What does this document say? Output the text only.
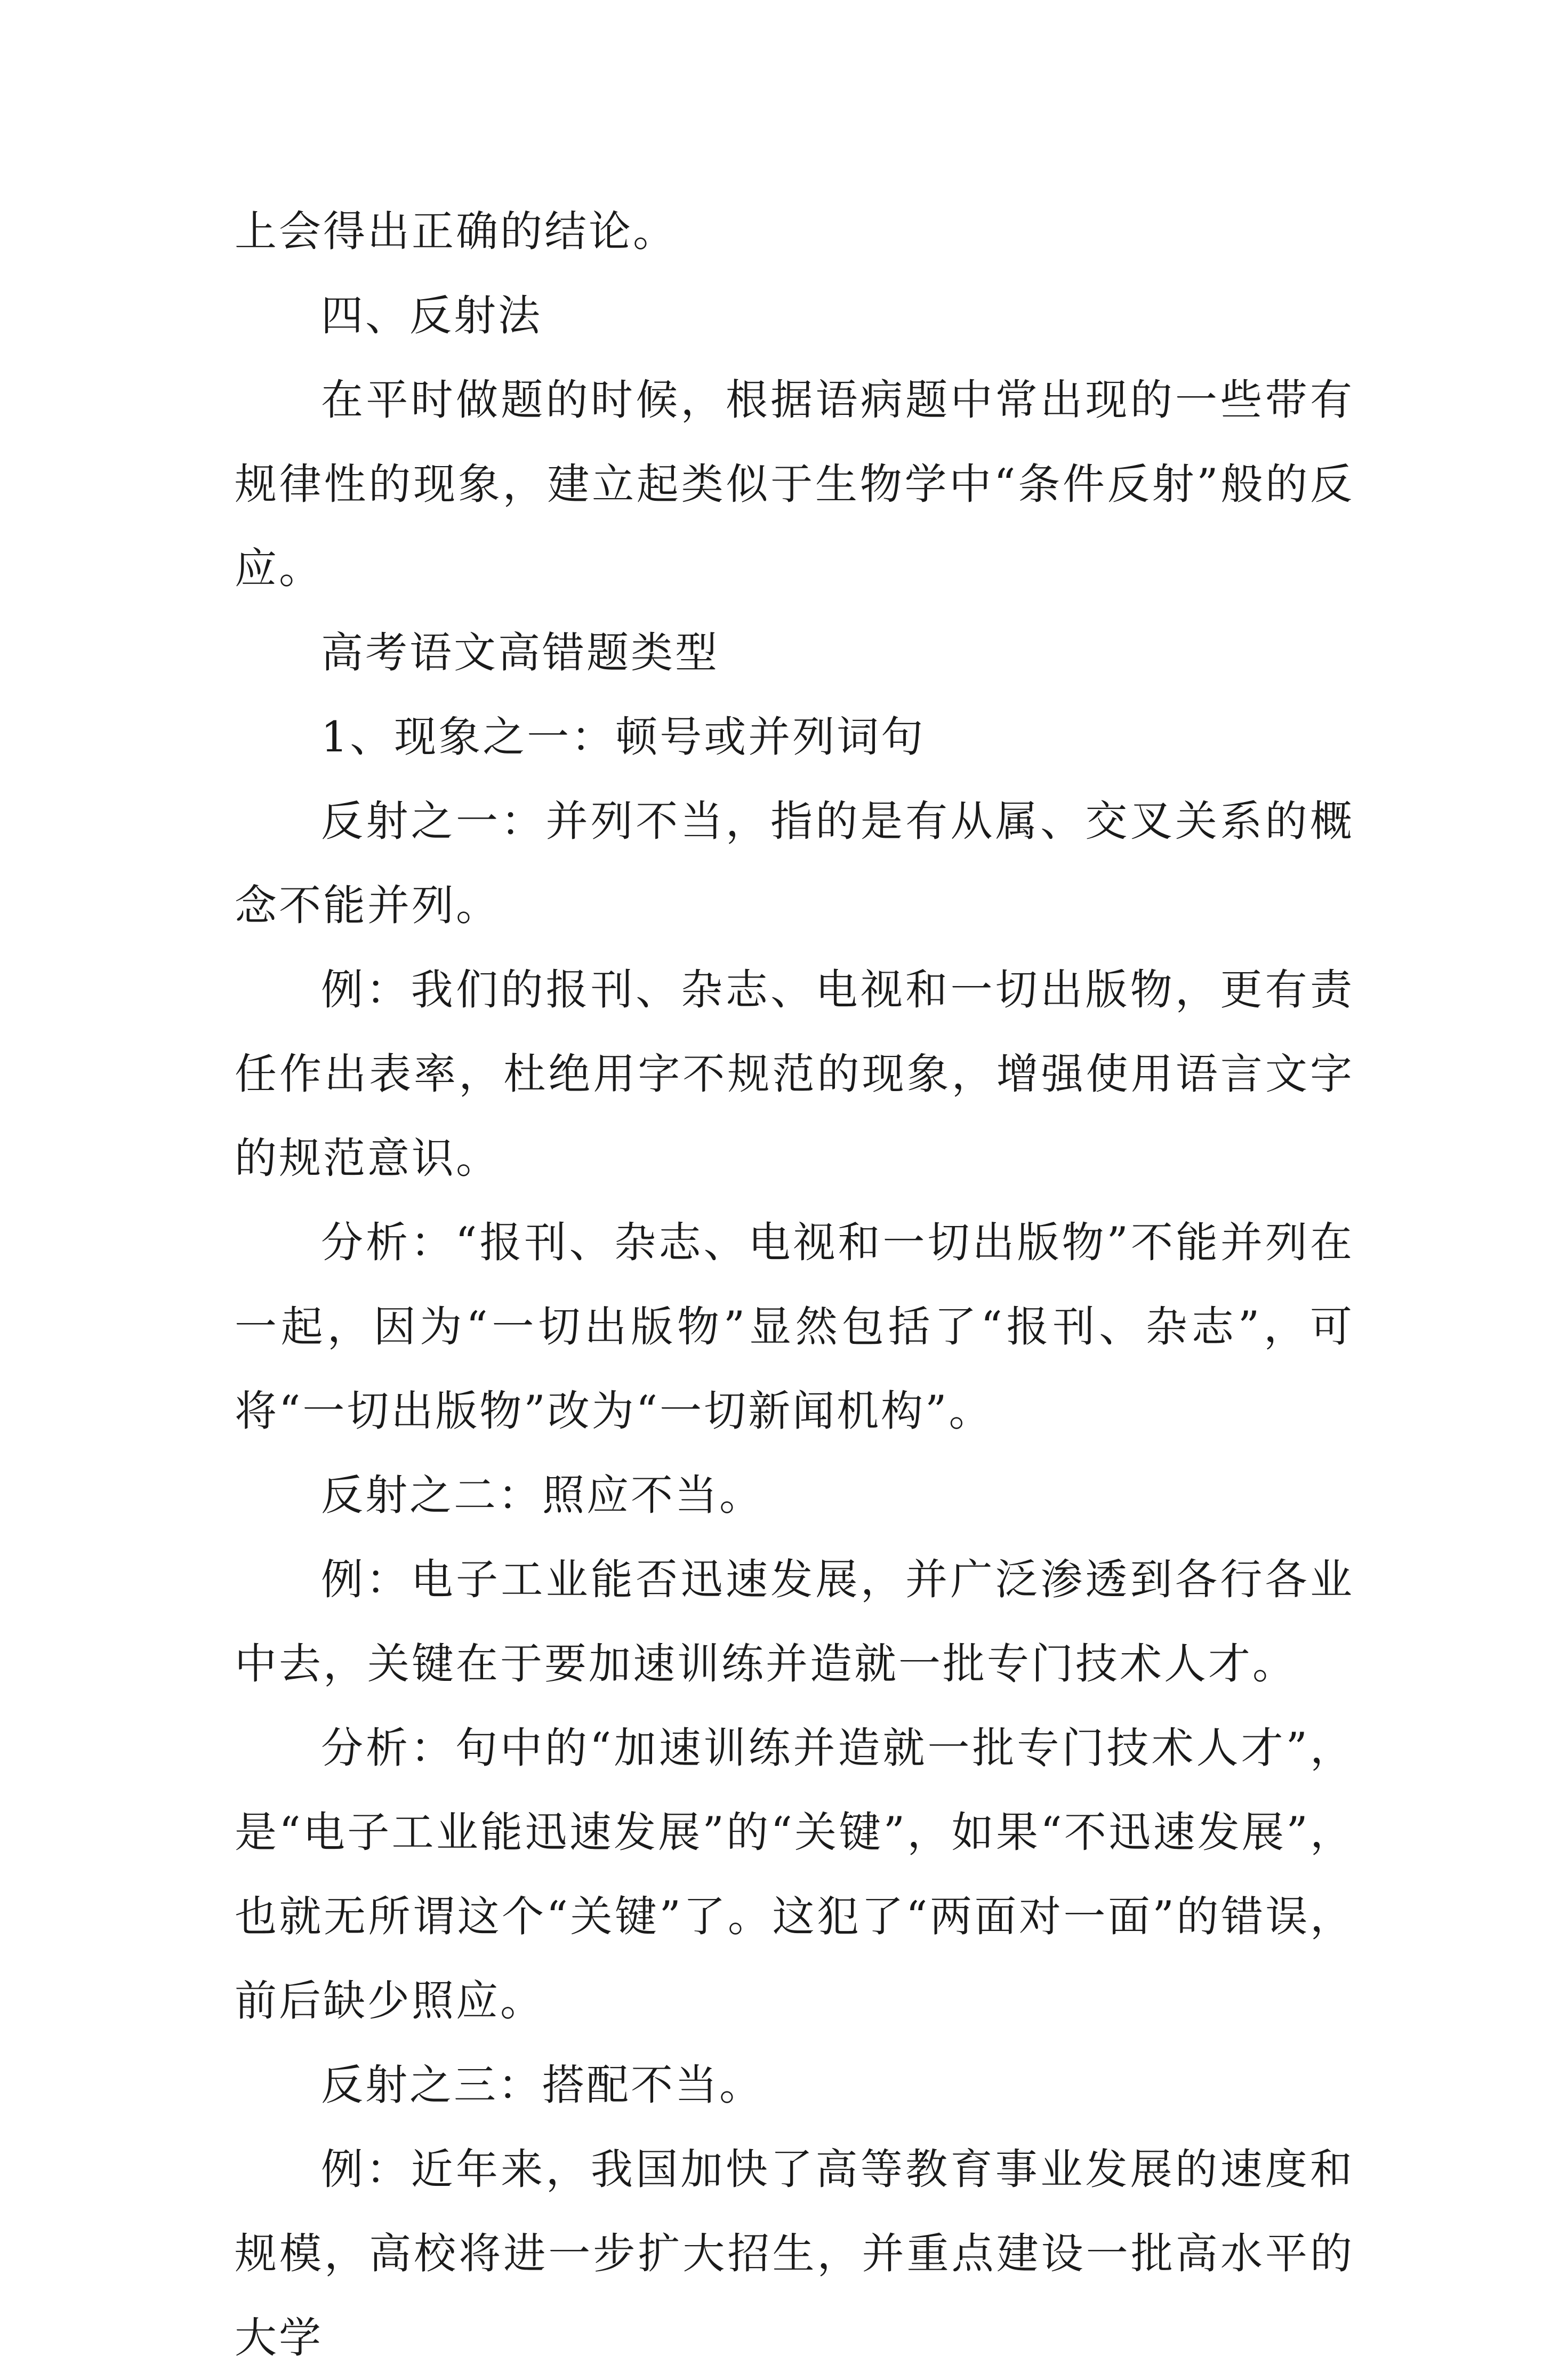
上会得出正确的结论。

四、反射法

在平时做题的时候，根据语病题中常出现的一些带有规律性的现象，建立起类似于生物学中“条件反射”般的反应。

高考语文高错题类型

1、现象之一：顿号或并列词句

反射之一：并列不当，指的是有从属、交叉关系的概念不能并列。

例：我们的报刊、杂志、电视和一切出版物，更有责任作出表率，杜绝用字不规范的现象，增强使用语言文字的规范意识。

分析：“报刊、杂志、电视和一切出版物”不能并列在一起，因为“一切出版物”显然包括了“报刊、杂志”，可将“一切出版物”改为“一切新闻机构”。

反射之二：照应不当。

例：电子工业能否迅速发展，并广泛渗透到各行各业中去，关键在于要加速训练并造就一批专门技术人才。

分析：句中的“加速训练并造就一批专门技术人才”，是“电子工业能迅速发展”的“关键”，如果“不迅速发展”，也就无所谓这个“关键”了。这犯了“两面对一面”的错误，前后缺少照应。

反射之三：搭配不当。

例：近年来，我国加快了高等教育事业发展的速度和规模，高校将进一步扩大招生，并重点建设一批高水平的大学
